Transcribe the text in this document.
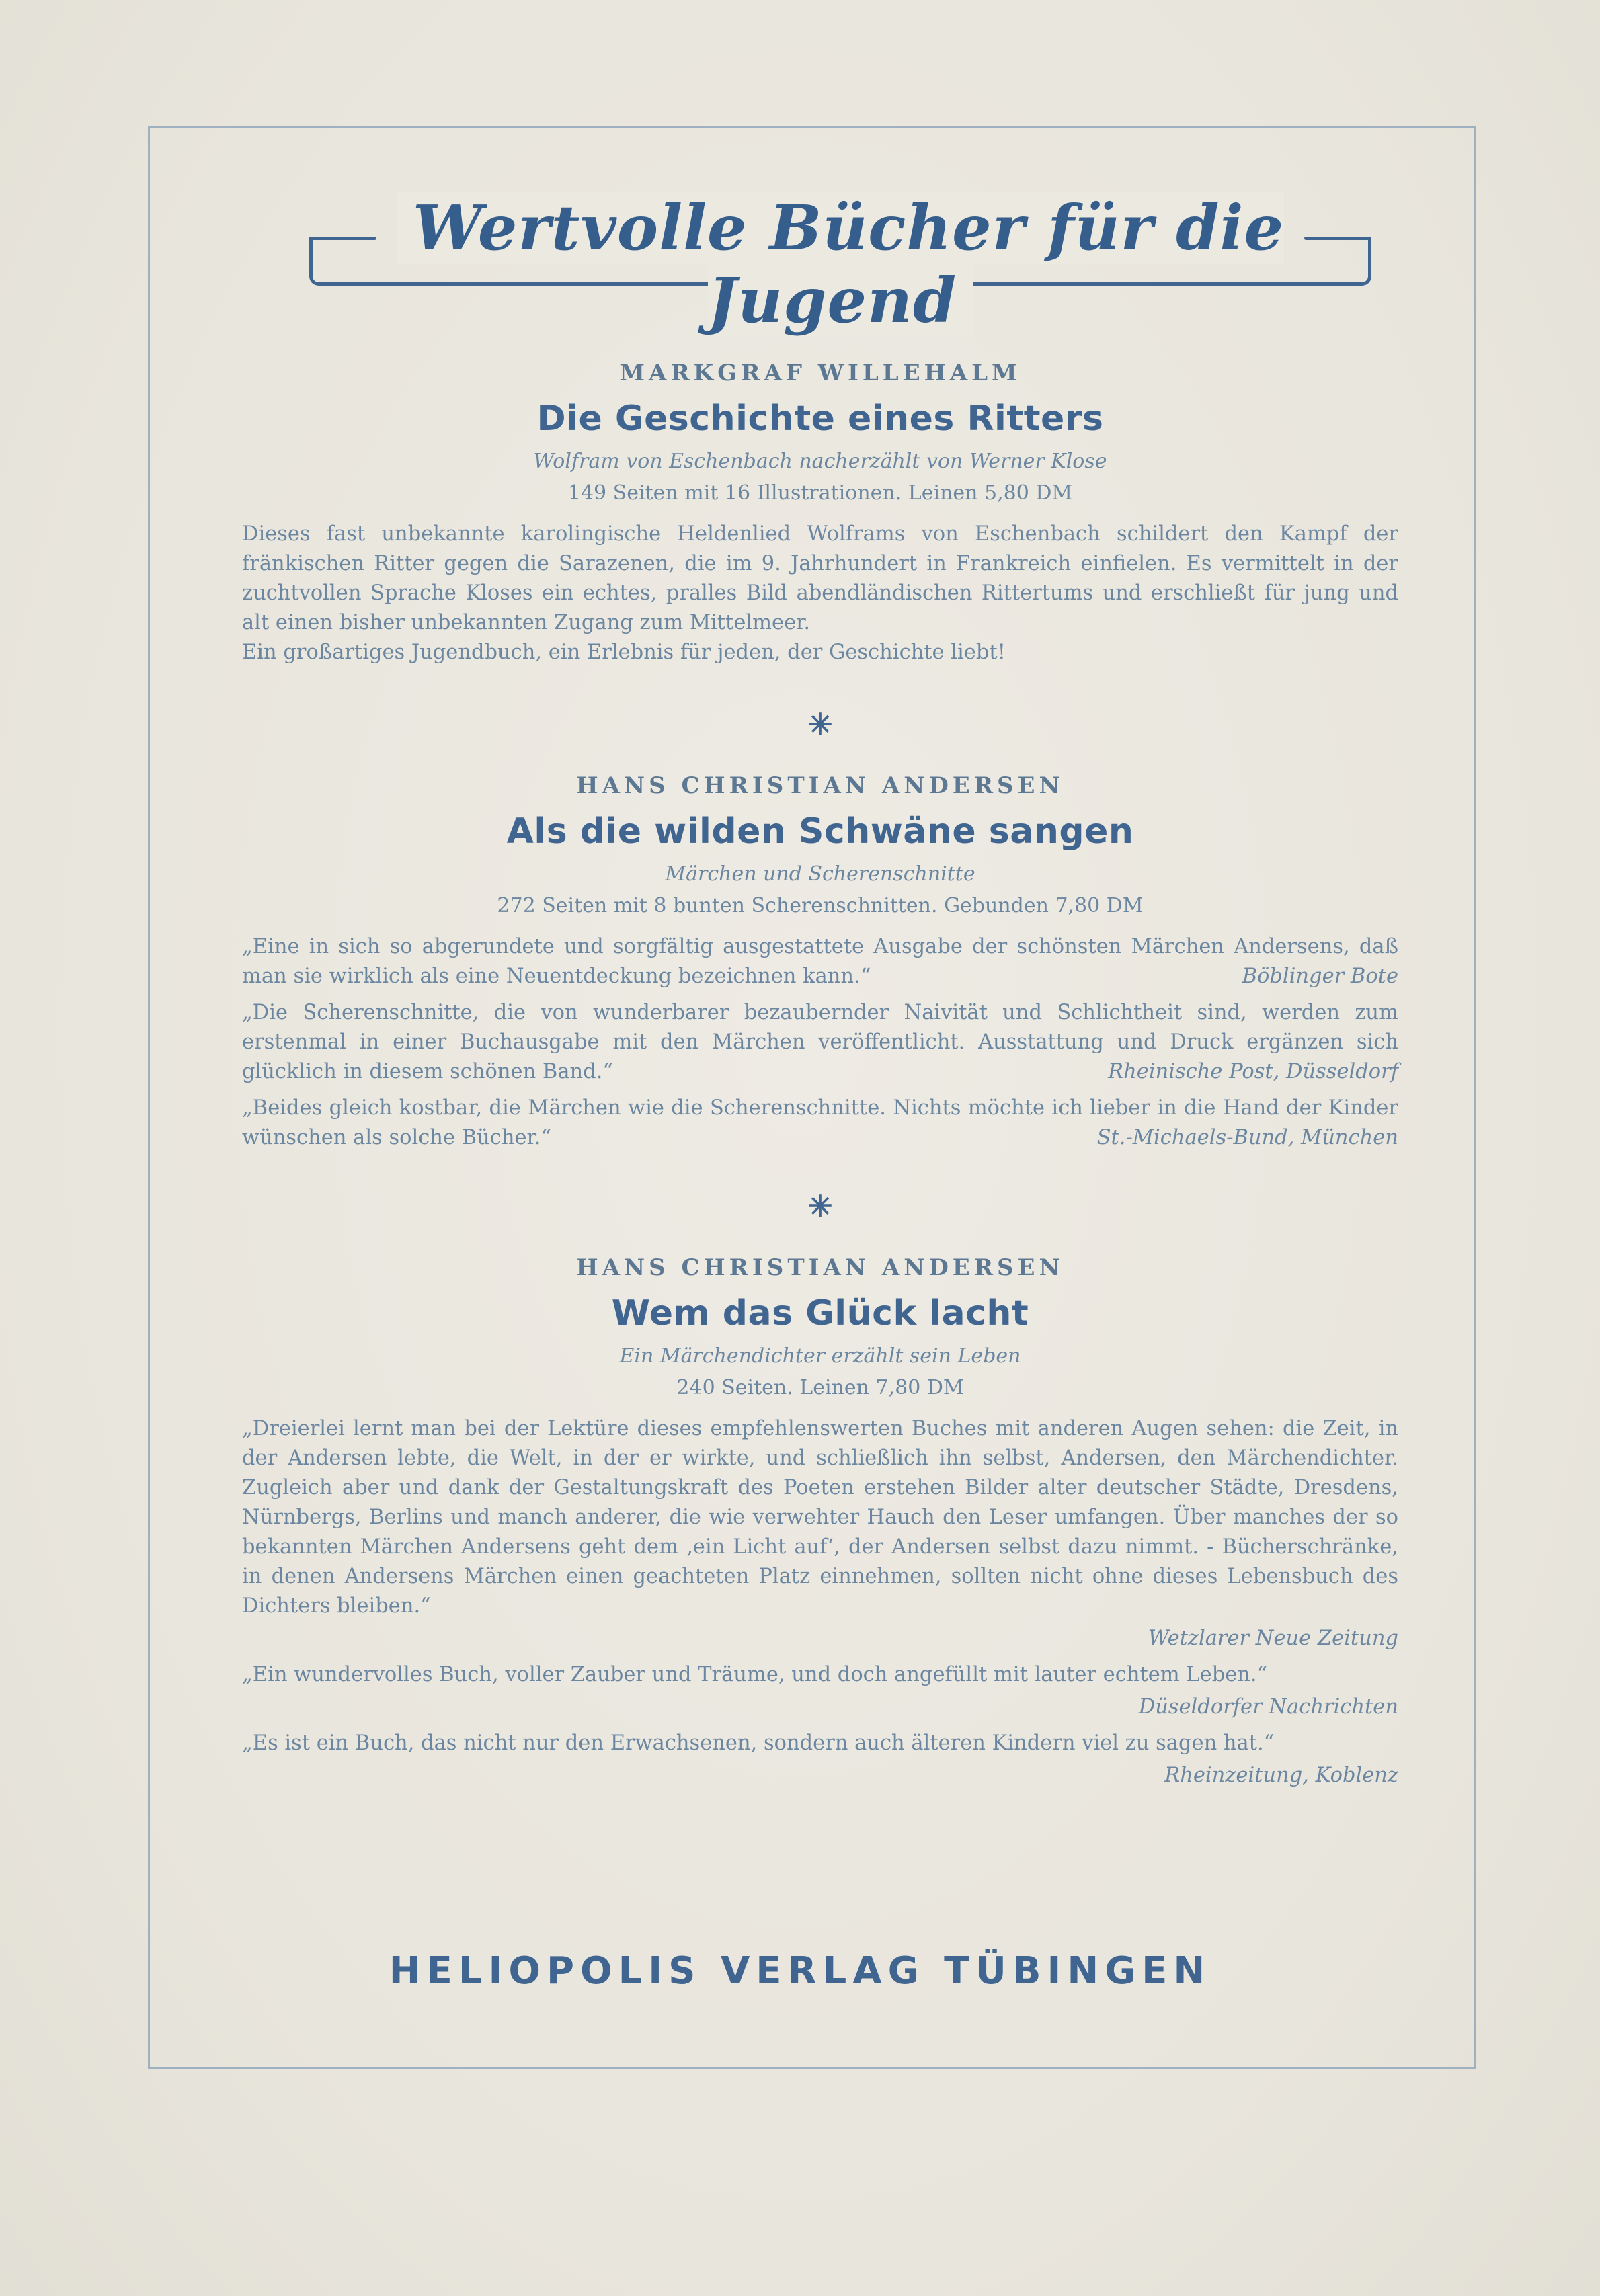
Wertvolle Bücher für die Jugend
MARKGRAF WILLEHALM
Die Geschichte eines Ritters
Wolfram von Eschenbach nacherzählt von Werner Klose
149 Seiten mit 16 Illustrationen. Leinen 5,80 DM
Dieses fast unbekannte karolingische Heldenlied Wolframs von Eschenbach schildert den Kampf der fränkischen Ritter gegen die Sarazenen, die im 9. Jahrhundert in Frankreich einfielen. Es vermittelt in der zuchtvollen Sprache Kloses ein echtes, pralles Bild abendländischen Rittertums und erschließt für jung und alt einen bisher unbekannten Zugang zum Mittelmeer.
Ein großartiges Jugendbuch, ein Erlebnis für jeden, der Geschichte liebt!
✳
HANS CHRISTIAN ANDERSEN
Als die wilden Schwäne sangen
Märchen und Scherenschnitte
272 Seiten mit 8 bunten Scherenschnitten. Gebunden 7,80 DM
„Eine in sich so abgerundete und sorgfältig ausgestattete Ausgabe der schönsten Märchen Andersens, daß man sie wirklich als eine Neuentdeckung bezeichnen kann.“	Böblinger Bote
„Die Scherenschnitte, die von wunderbarer bezaubernder Naivität und Schlichtheit sind, werden zum erstenmal in einer Buchausgabe mit den Märchen veröffentlicht. Ausstattung und Druck ergänzen sich glücklich in diesem schönen Band.“	Rheinische Post, Düsseldorf
„Beides gleich kostbar, die Märchen wie die Scherenschnitte. Nichts möchte ich lieber in die Hand der Kinder wünschen als solche Bücher.“	St.-Michaels-Bund, München
✳
HANS CHRISTIAN ANDERSEN
Wem das Glück lacht
Ein Märchendichter erzählt sein Leben
240 Seiten. Leinen 7,80 DM
„Dreierlei lernt man bei der Lektüre dieses empfehlenswerten Buches mit anderen Augen sehen: die Zeit, in der Andersen lebte, die Welt, in der er wirkte, und schließlich ihn selbst, Andersen, den Märchendichter. Zugleich aber und dank der Gestaltungskraft des Poeten erstehen Bilder alter deutscher Städte, Dresdens, Nürnbergs, Berlins und manch anderer, die wie verwehter Hauch den Leser umfangen. Über manches der so bekannten Märchen Andersens geht dem ‚ein Licht auf‘, der Andersen selbst dazu nimmt. - Bücherschränke, in denen Andersens Märchen einen geachteten Platz einnehmen, sollten nicht ohne dieses Lebensbuch des Dichters bleiben.“
Wetzlarer Neue Zeitung
„Ein wundervolles Buch, voller Zauber und Träume, und doch angefüllt mit lauter echtem Leben.“
Düseldorfer Nachrichten
„Es ist ein Buch, das nicht nur den Erwachsenen, sondern auch älteren Kindern viel zu sagen hat.“
Rheinzeitung, Koblenz
HELIOPOLIS VERLAG TÜBINGEN
